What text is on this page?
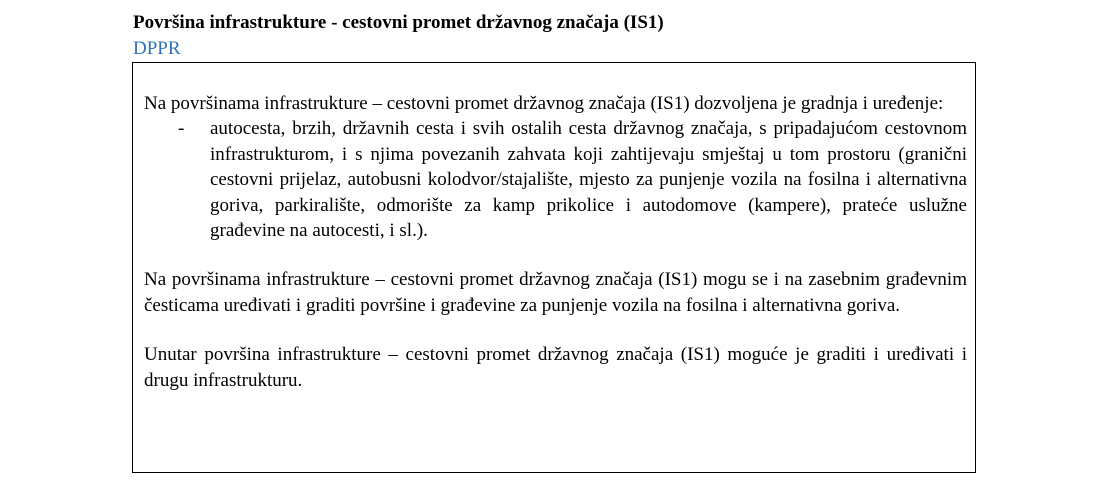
Površina infrastrukture - cestovni promet državnog značaja (IS1)
DPPR

Na površinama infrastrukture – cestovni promet državnog značaja (IS1) dozvoljena je gradnja i uređenje:

- autocesta, brzih, državnih cesta i svih ostalih cesta državnog značaja, s pripadajućom cestovnom infrastrukturom, i s njima povezanih zahvata koji zahtijevaju smještaj u tom prostoru (granični cestovni prijelaz, autobusni kolodvor/stajalište, mjesto za punjenje vozila na fosilna i alternativna goriva, parkiralište, odmorište za kamp prikolice i autodomove (kampere), prateće uslužne građevine na autocesti, i sl.).

Na površinama infrastrukture – cestovni promet državnog značaja (IS1) mogu se i na zasebnim građevnim česticama uređivati i graditi površine i građevine za punjenje vozila na fosilna i alternativna goriva.

Unutar površina infrastrukture – cestovni promet državnog značaja (IS1) moguće je graditi i uređivati i drugu infrastrukturu.
